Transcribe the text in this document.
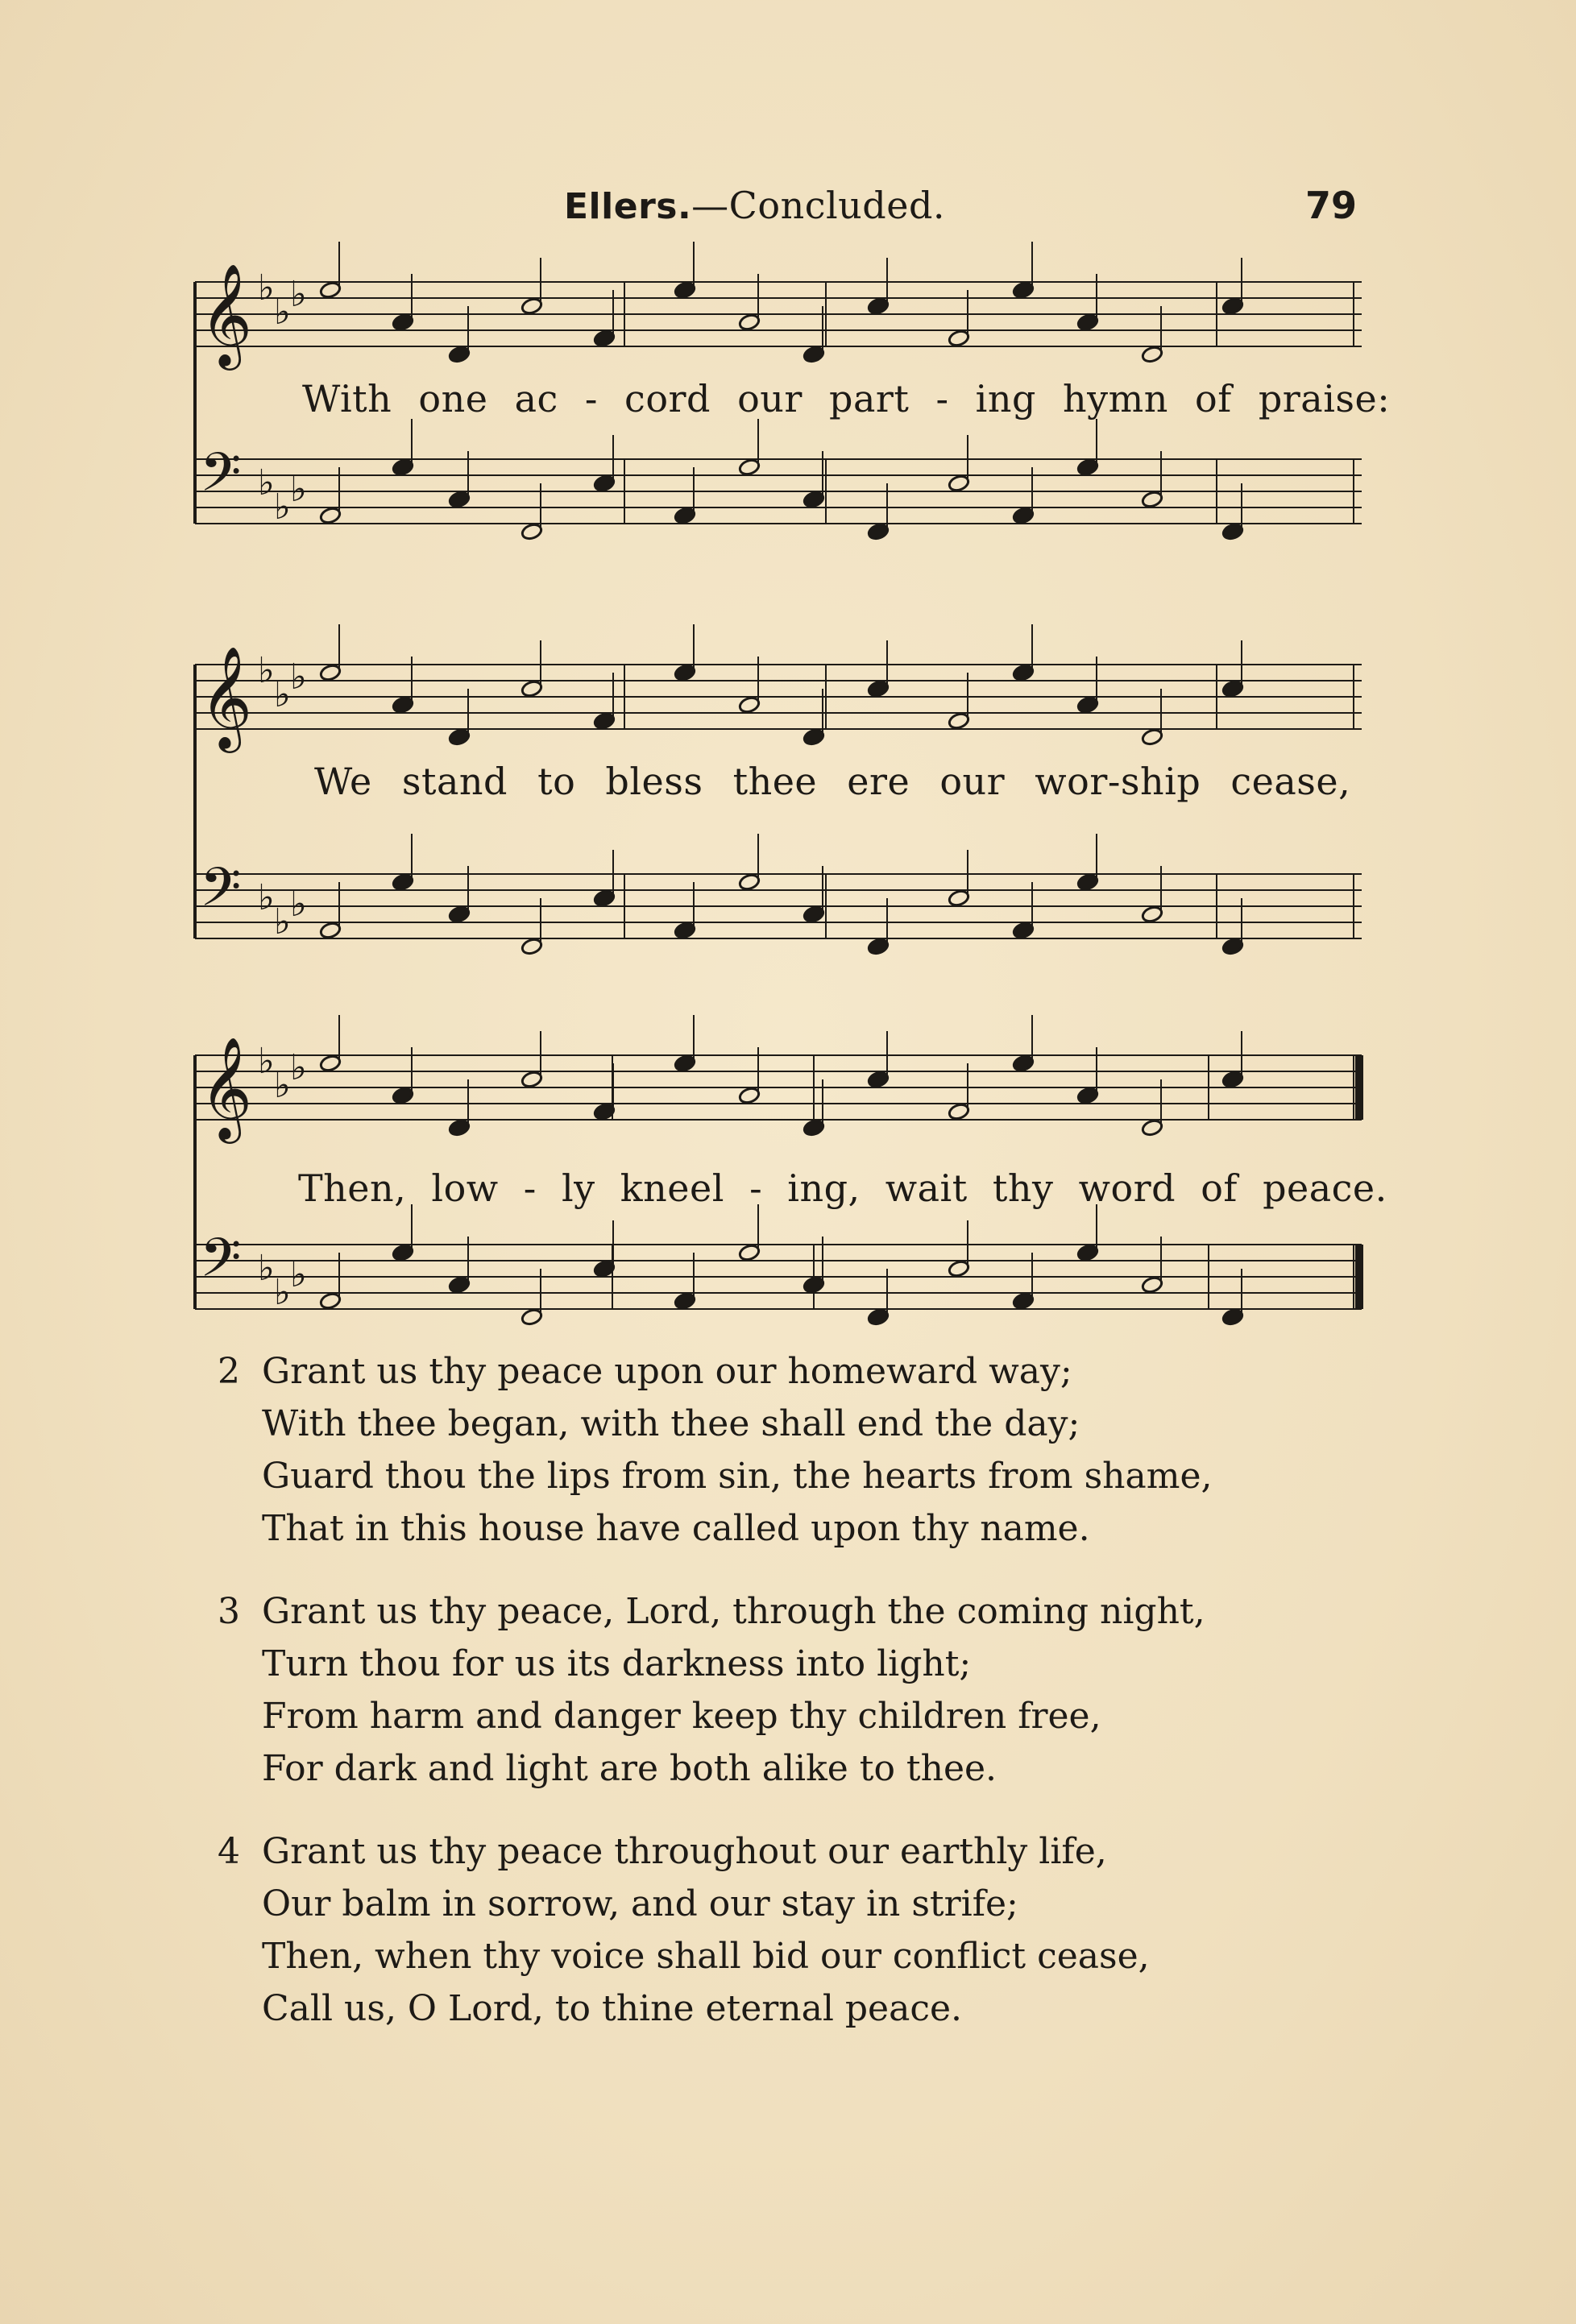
Ellers.—Concluded.	79
𝄞 ♭
♭ ♭
𝄢 ♭
♭ ♭
With one ac - cord our part - ing hymn of praise:
𝄞 ♭
♭ ♭
𝄢 ♭
♭ ♭
We stand to bless thee ere our wor-ship cease,
𝄞 ♭
♭ ♭
𝄢 ♭
♭ ♭
Then, low - ly kneel - ing, wait thy word of peace.
2 Grant us thy peace upon our homeward way;
With thee began, with thee shall end the day;
Guard thou the lips from sin, the hearts from shame,
That in this house have called upon thy name.
3 Grant us thy peace, Lord, through the coming night,
Turn thou for us its darkness into light;
From harm and danger keep thy children free,
For dark and light are both alike to thee.
4 Grant us thy peace throughout our earthly life,
Our balm in sorrow, and our stay in strife;
Then, when thy voice shall bid our conflict cease,
Call us, O Lord, to thine eternal peace.
